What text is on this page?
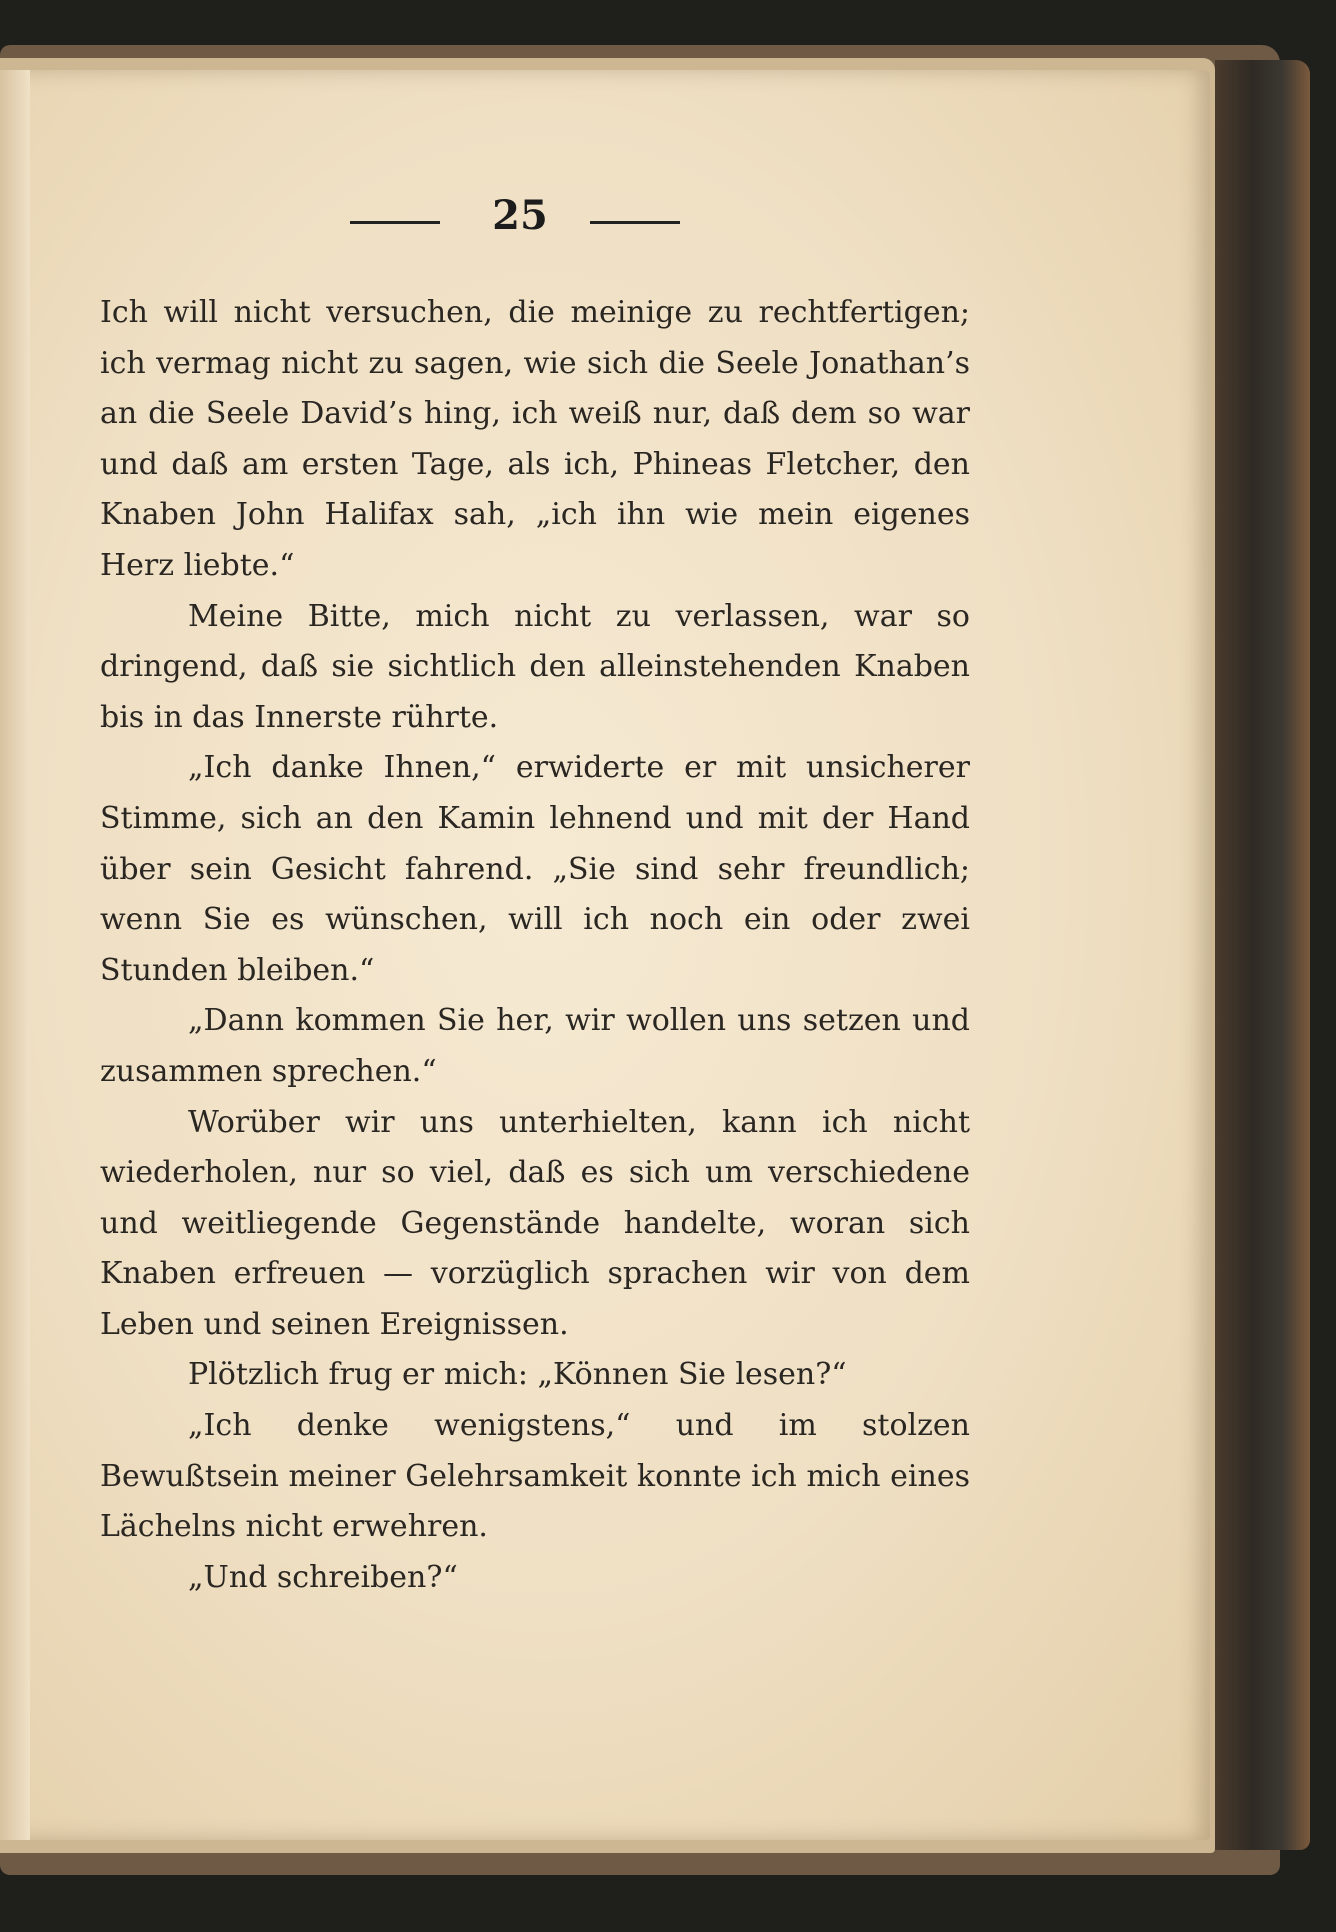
25

Ich will nicht versuchen, die meinige zu rechtfertigen; ich vermag nicht zu sagen, wie sich die Seele Jonathan’s an die Seele David’s hing, ich weiß nur, daß dem so war und daß am ersten Tage, als ich, Phineas Fletcher, den Knaben John Halifax sah, „ich ihn wie mein eigenes Herz liebte.“

Meine Bitte, mich nicht zu verlassen, war so dringend, daß sie sichtlich den alleinstehenden Knaben bis in das Innerste rührte.

„Ich danke Ihnen,“ erwiderte er mit unsicherer Stimme, sich an den Kamin lehnend und mit der Hand über sein Gesicht fahrend. „Sie sind sehr freundlich; wenn Sie es wünschen, will ich noch ein oder zwei Stunden bleiben.“

„Dann kommen Sie her, wir wollen uns setzen und zusammen sprechen.“

Worüber wir uns unterhielten, kann ich nicht wiederholen, nur so viel, daß es sich um verschiedene und weitliegende Gegenstände handelte, woran sich Knaben erfreuen — vorzüglich sprachen wir von dem Leben und seinen Ereignissen.

Plötzlich frug er mich: „Können Sie lesen?“

„Ich denke wenigstens,“ und im stolzen Bewußtsein meiner Gelehrsamkeit konnte ich mich eines Lächelns nicht erwehren.

„Und schreiben?“
